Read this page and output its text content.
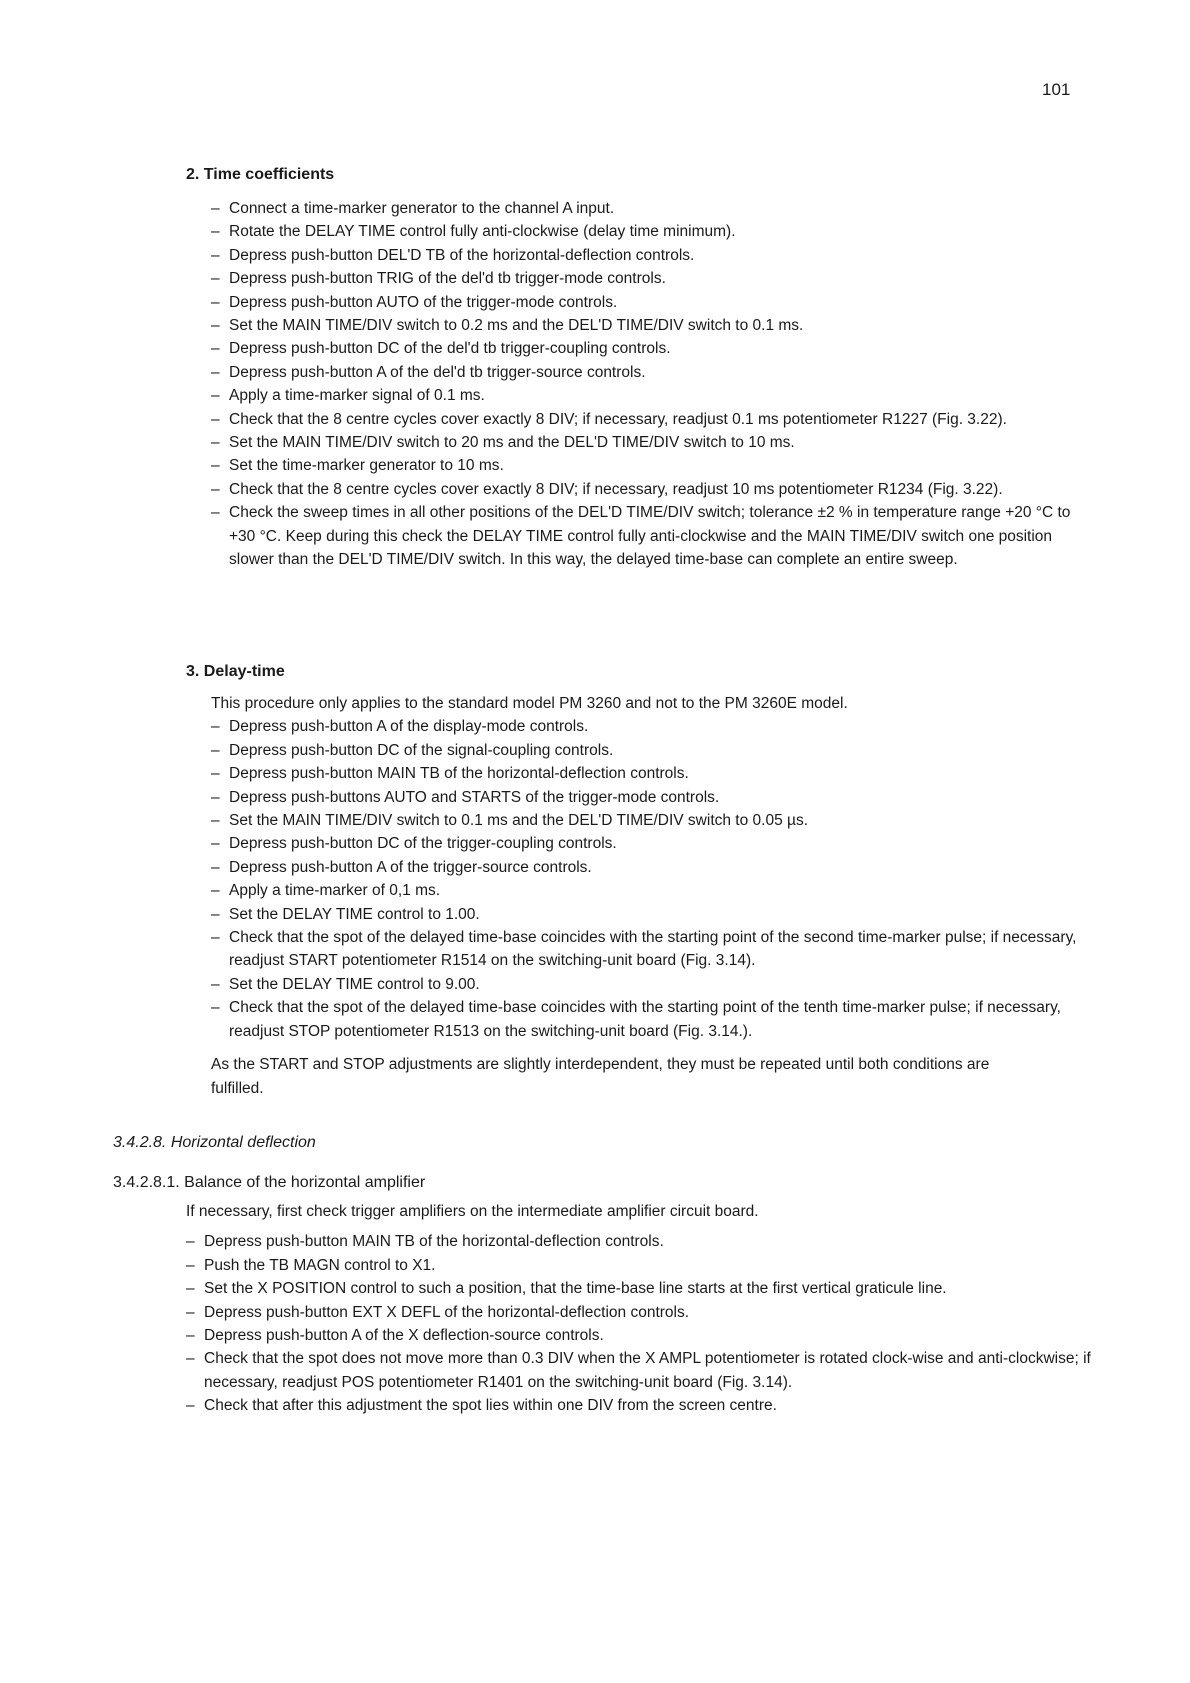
101
2. Time coefficients
– Connect a time-marker generator to the channel A input.
– Rotate the DELAY TIME control fully anti-clockwise (delay time minimum).
– Depress push-button DEL'D TB of the horizontal-deflection controls.
– Depress push-button TRIG of the del'd tb trigger-mode controls.
– Depress push-button AUTO of the trigger-mode controls.
– Set the MAIN TIME/DIV switch to 0.2 ms and the DEL'D TIME/DIV switch to 0.1 ms.
– Depress push-button DC of the del'd tb trigger-coupling controls.
– Depress push-button A of the del'd tb trigger-source controls.
– Apply a time-marker signal of 0.1 ms.
– Check that the 8 centre cycles cover exactly 8 DIV; if necessary, readjust 0.1 ms potentiometer R1227 (Fig. 3.22).
– Set the MAIN TIME/DIV switch to 20 ms and the DEL'D TIME/DIV switch to 10 ms.
– Set the time-marker generator to 10 ms.
– Check that the 8 centre cycles cover exactly 8 DIV; if necessary, readjust 10 ms potentiometer R1234 (Fig. 3.22).
– Check the sweep times in all other positions of the DEL'D TIME/DIV switch; tolerance ±2 % in temperature range +20 °C to +30 °C. Keep during this check the DELAY TIME control fully anti-clockwise and the MAIN TIME/DIV switch one position slower than the DEL'D TIME/DIV switch. In this way, the delayed time-base can complete an entire sweep.
3. Delay-time
This procedure only applies to the standard model PM 3260 and not to the PM 3260E model.
– Depress push-button A of the display-mode controls.
– Depress push-button DC of the signal-coupling controls.
– Depress push-button MAIN TB of the horizontal-deflection controls.
– Depress push-buttons AUTO and STARTS of the trigger-mode controls.
– Set the MAIN TIME/DIV switch to 0.1 ms and the DEL'D TIME/DIV switch to 0.05 µs.
– Depress push-button DC of the trigger-coupling controls.
– Depress push-button A of the trigger-source controls.
– Apply a time-marker of 0,1 ms.
– Set the DELAY TIME control to 1.00.
– Check that the spot of the delayed time-base coincides with the starting point of the second time-marker pulse; if necessary, readjust START potentiometer R1514 on the switching-unit board (Fig. 3.14).
– Set the DELAY TIME control to 9.00.
– Check that the spot of the delayed time-base coincides with the starting point of the tenth time-marker pulse; if necessary, readjust STOP potentiometer R1513 on the switching-unit board (Fig. 3.14.).
As the START and STOP adjustments are slightly interdependent, they must be repeated until both conditions are fulfilled.
3.4.2.8. Horizontal deflection
3.4.2.8.1. Balance of the horizontal amplifier
If necessary, first check trigger amplifiers on the intermediate amplifier circuit board.
– Depress push-button MAIN TB of the horizontal-deflection controls.
– Push the TB MAGN control to X1.
– Set the X POSITION control to such a position, that the time-base line starts at the first vertical graticule line.
– Depress push-button EXT X DEFL of the horizontal-deflection controls.
– Depress push-button A of the X deflection-source controls.
– Check that the spot does not move more than 0.3 DIV when the X AMPL potentiometer is rotated clock-wise and anti-clockwise; if necessary, readjust POS potentiometer R1401 on the switching-unit board (Fig. 3.14).
– Check that after this adjustment the spot lies within one DIV from the screen centre.
